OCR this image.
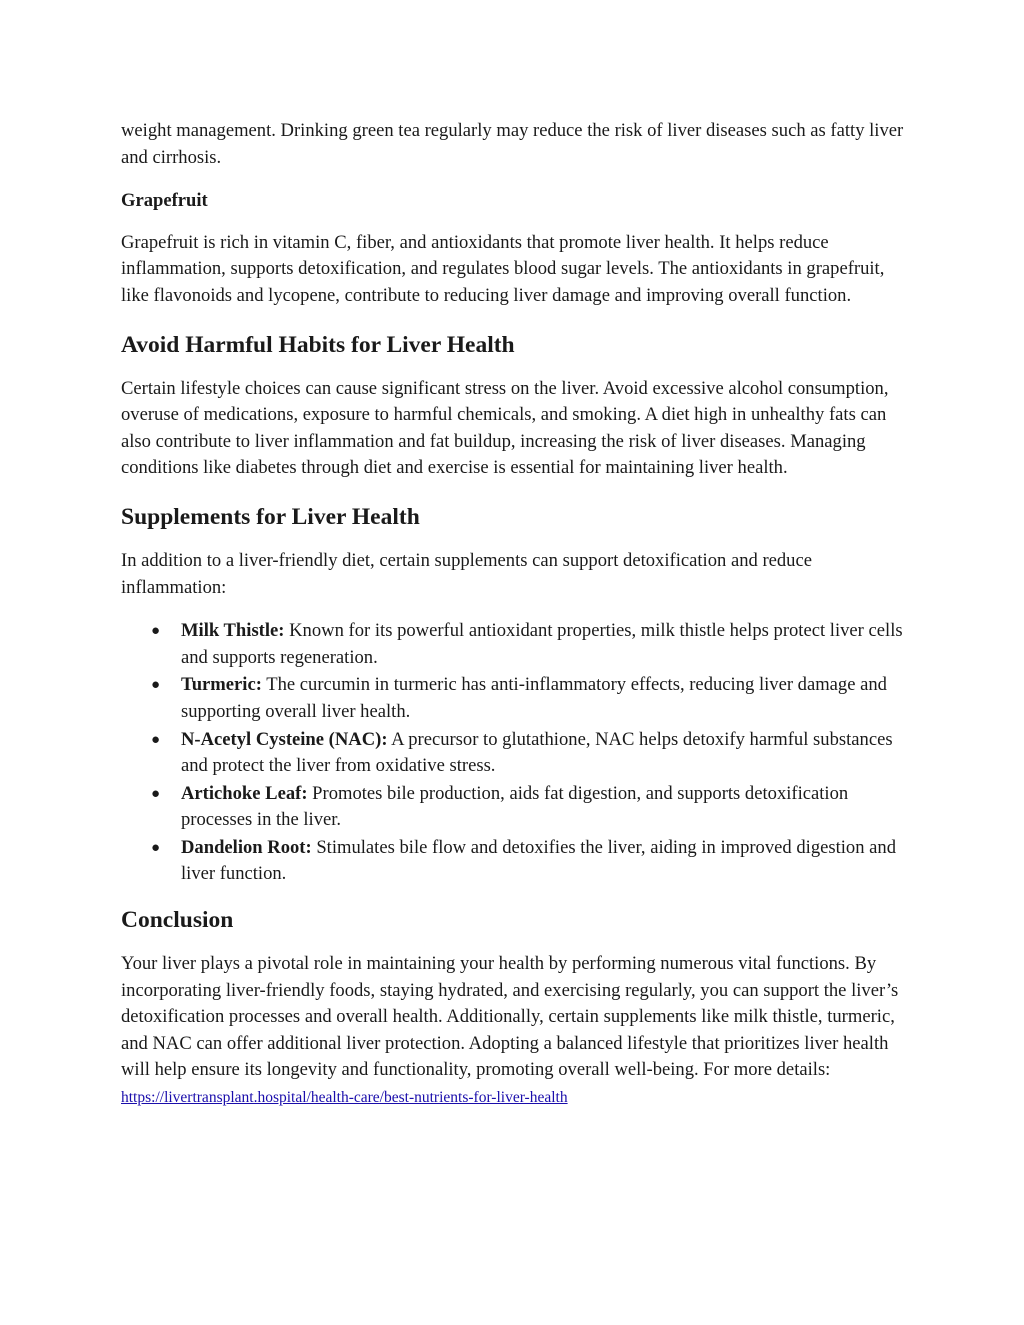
weight management. Drinking green tea regularly may reduce the risk of liver diseases such as fatty liver and cirrhosis.

Grapefruit

Grapefruit is rich in vitamin C, fiber, and antioxidants that promote liver health. It helps reduce inflammation, supports detoxification, and regulates blood sugar levels. The antioxidants in grapefruit, like flavonoids and lycopene, contribute to reducing liver damage and improving overall function.

Avoid Harmful Habits for Liver Health

Certain lifestyle choices can cause significant stress on the liver. Avoid excessive alcohol consumption, overuse of medications, exposure to harmful chemicals, and smoking. A diet high in unhealthy fats can also contribute to liver inflammation and fat buildup, increasing the risk of liver diseases. Managing conditions like diabetes through diet and exercise is essential for maintaining liver health.

Supplements for Liver Health

In addition to a liver-friendly diet, certain supplements can support detoxification and reduce inflammation:

● Milk Thistle: Known for its powerful antioxidant properties, milk thistle helps protect liver cells and supports regeneration.
● Turmeric: The curcumin in turmeric has anti-inflammatory effects, reducing liver damage and supporting overall liver health.
● N-Acetyl Cysteine (NAC): A precursor to glutathione, NAC helps detoxify harmful substances and protect the liver from oxidative stress.
● Artichoke Leaf: Promotes bile production, aids fat digestion, and supports detoxification processes in the liver.
● Dandelion Root: Stimulates bile flow and detoxifies the liver, aiding in improved digestion and liver function.
Conclusion

Your liver plays a pivotal role in maintaining your health by performing numerous vital functions. By incorporating liver-friendly foods, staying hydrated, and exercising regularly, you can support the liver’s detoxification processes and overall health. Additionally, certain supplements like milk thistle, turmeric, and NAC can offer additional liver protection. Adopting a balanced lifestyle that prioritizes liver health will help ensure its longevity and functionality, promoting overall well-being. For more details: https://livertransplant.hospital/health-care/best-nutrients-for-liver-health
